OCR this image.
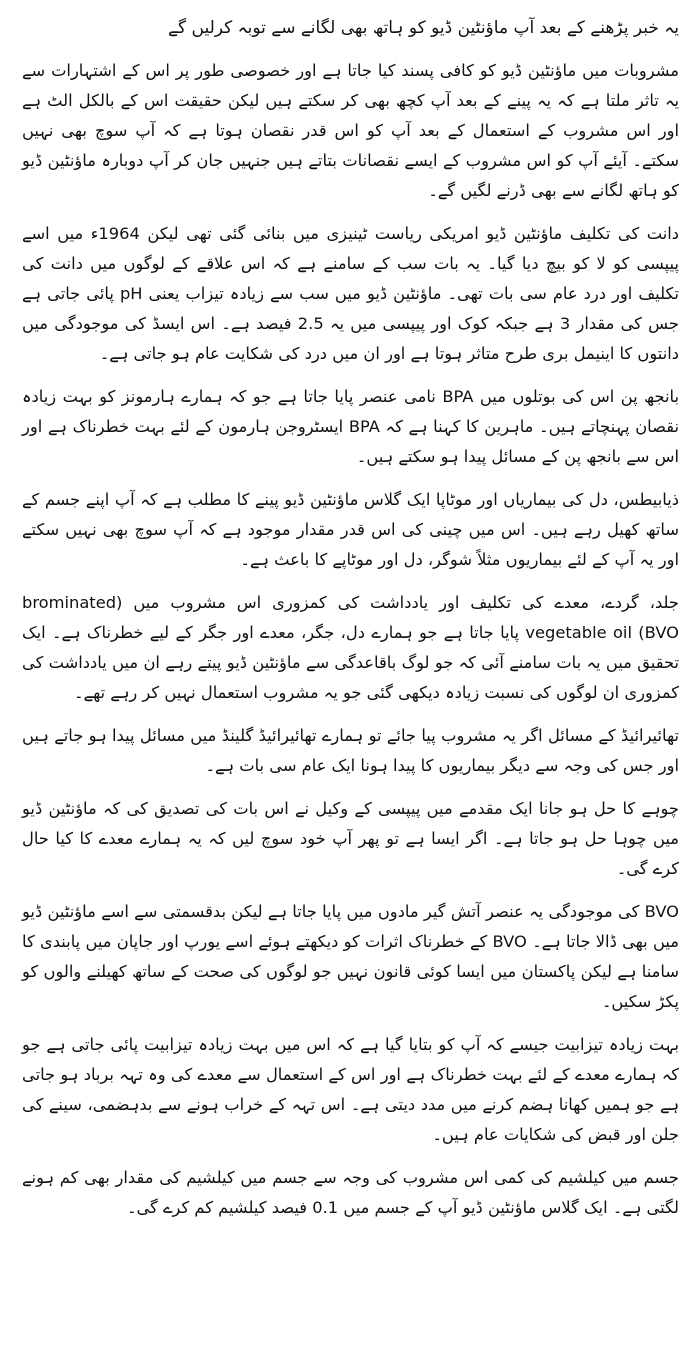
یہ خبر پڑھنے کے بعد آپ ماؤنٹین ڈیو کو ہاتھ بھی لگانے سے توبہ کرلیں گے

مشروبات میں ماؤنٹین ڈیو کو کافی پسند کیا جاتا ہے اور خصوصی طور پر اس کے اشتہارات سے یہ تاثر ملتا ہے کہ یہ پینے کے بعد آپ کچھ بھی کر سکتے ہیں لیکن حقیقت اس کے بالکل الٹ ہے اور اس مشروب کے استعمال کے بعد آپ کو اس قدر نقصان ہوتا ہے کہ آپ سوچ بھی نہیں سکتے۔ آیئے آپ کو اس مشروب کے ایسے نقصانات بتاتے ہیں جنہیں جان کر آپ دوبارہ ماؤنٹین ڈیو کو ہاتھ لگانے سے بھی ڈرنے لگیں گے۔

دانت کی تکلیف ماؤنٹین ڈیو امریکی ریاست ٹینیزی میں بنائی گئی تھی لیکن 1964ء میں اسے پیپسی کو لا کو بیچ دیا گیا۔ یہ بات سب کے سامنے ہے کہ اس علاقے کے لوگوں میں دانت کی تکلیف اور درد عام سی بات تھی۔ ماؤنٹین ڈیو میں سب سے زیادہ تیزاب یعنی pH پائی جاتی ہے جس کی مقدار 3 ہے جبکہ کوک اور پیپسی میں یہ 2.5 فیصد ہے۔ اس ایسڈ کی موجودگی میں دانتوں کا اینیمل بری طرح متاثر ہوتا ہے اور ان میں درد کی شکایت عام ہو جاتی ہے۔

بانجھ پن اس کی بوتلوں میں BPA نامی عنصر پایا جاتا ہے جو کہ ہمارے ہارمونز کو بہت زیادہ نقصان پہنچاتے ہیں۔ ماہرین کا کہنا ہے کہ BPA ایسٹروجن ہارمون کے لئے بہت خطرناک ہے اور اس سے بانجھ پن کے مسائل پیدا ہو سکتے ہیں۔

ذیابیطس، دل کی بیماریاں اور موٹاپا ایک گلاس ماؤنٹین ڈیو پینے کا مطلب ہے کہ آپ اپنے جسم کے ساتھ کھیل رہے ہیں۔ اس میں چینی کی اس قدر مقدار موجود ہے کہ آپ سوچ بھی نہیں سکتے اور یہ آپ کے لئے بیماریوں مثلاً شوگر، دل اور موٹاپے کا باعث ہے۔

جلد، گردے، معدے کی تکلیف اور یادداشت کی کمزوری اس مشروب میں (brominated vegetable oil (BVO پایا جاتا ہے جو ہمارے دل، جگر، معدے اور جگر کے لیے خطرناک ہے۔ ایک تحقیق میں یہ بات سامنے آئی کہ جو لوگ باقاعدگی سے ماؤنٹین ڈیو پیتے رہے ان میں یادداشت کی کمزوری ان لوگوں کی نسبت زیادہ دیکھی گئی جو یہ مشروب استعمال نہیں کر رہے تھے۔

تھائیرائیڈ کے مسائل اگر یہ مشروب پیا جائے تو ہمارے تھائیرائیڈ گلینڈ میں مسائل پیدا ہو جاتے ہیں اور جس کی وجہ سے دیگر بیماریوں کا پیدا ہونا ایک عام سی بات ہے۔

چوہے کا حل ہو جانا ایک مقدمے میں پیپسی کے وکیل نے اس بات کی تصدیق کی کہ ماؤنٹین ڈیو میں چوہا حل ہو جاتا ہے۔ اگر ایسا ہے تو پھر آپ خود سوچ لیں کہ یہ ہمارے معدے کا کیا حال کرے گی۔

BVO کی موجودگی یہ عنصر آتش گیر مادوں میں پایا جاتا ہے لیکن بدقسمتی سے اسے ماؤنٹین ڈیو میں بھی ڈالا جاتا ہے۔ BVO کے خطرناک اثرات کو دیکھتے ہوئے اسے یورپ اور جاپان میں پابندی کا سامنا ہے لیکن پاکستان میں ایسا کوئی قانون نہیں جو لوگوں کی صحت کے ساتھ کھیلنے والوں کو پکڑ سکیں۔

بہت زیادہ تیزابیت جیسے کہ آپ کو بتایا گیا ہے کہ اس میں بہت زیادہ تیزابیت پائی جاتی ہے جو کہ ہمارے معدے کے لئے بہت خطرناک ہے اور اس کے استعمال سے معدے کی وہ تہہ برباد ہو جاتی ہے جو ہمیں کھانا ہضم کرنے میں مدد دیتی ہے۔ اس تہہ کے خراب ہونے سے بدہضمی، سینے کی جلن اور قبض کی شکایات عام ہیں۔

جسم میں کیلشیم کی کمی اس مشروب کی وجہ سے جسم میں کیلشیم کی مقدار بھی کم ہونے لگتی ہے۔ ایک گلاس ماؤنٹین ڈیو آپ کے جسم میں 0.1 فیصد کیلشیم کم کرے گی۔
